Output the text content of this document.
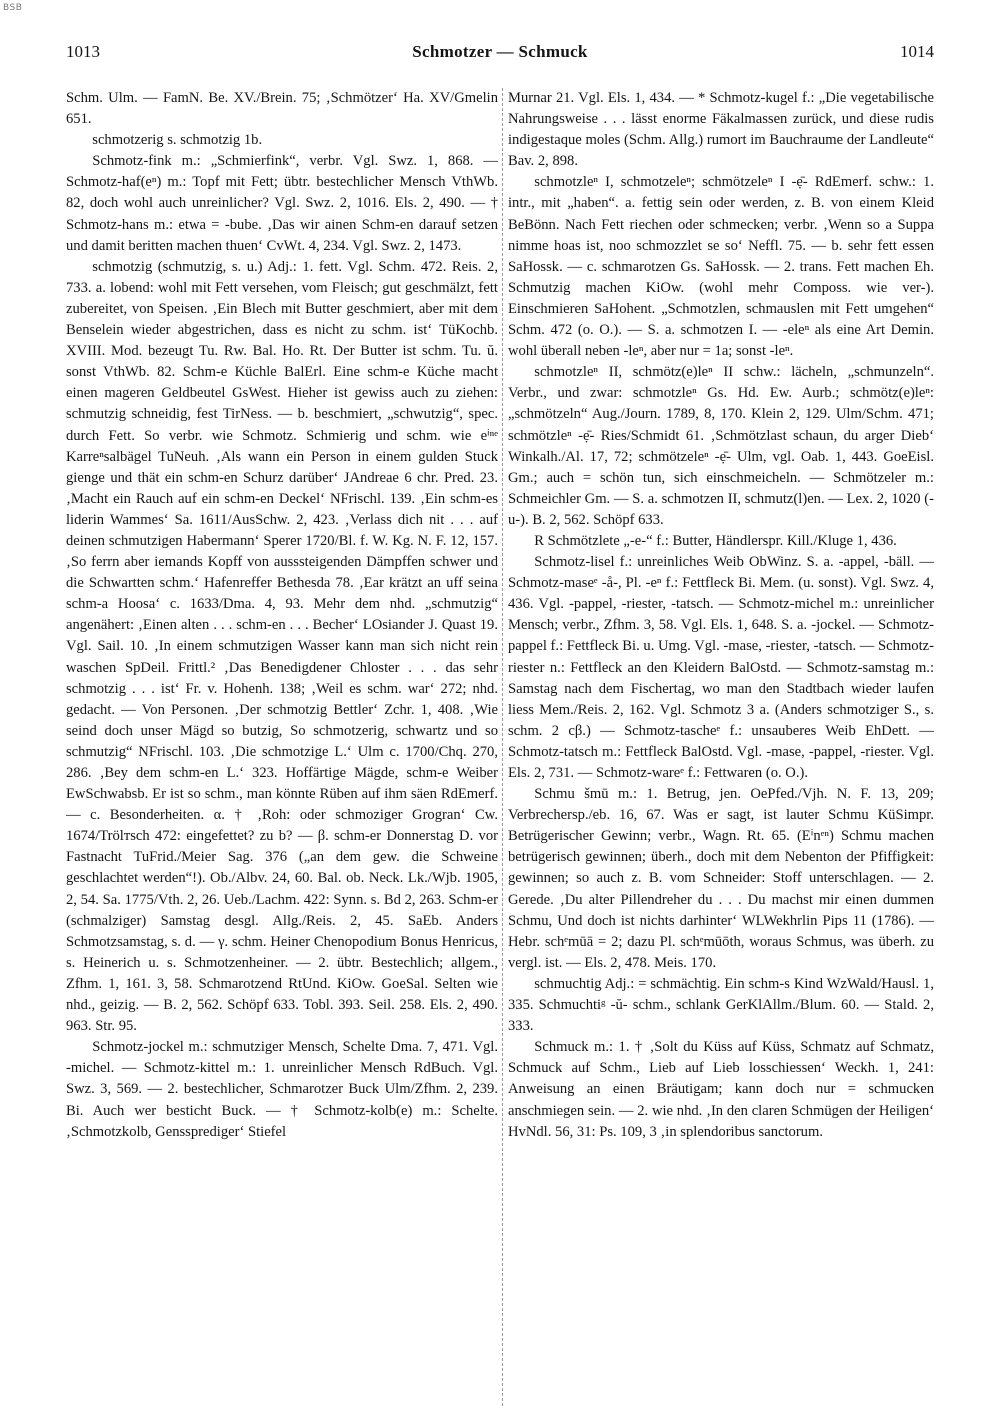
BSB
1013	Schmotzer — Schmuck	1014

Schm. Ulm. — FamN. Be. XV./Brein. 75; ‚Schmötzer‘ Ha. XV/Gmelin 651.

schmotzerig s. schmotzig 1b.

Schmotz-fink m.: „Schmierfink“, verbr. Vgl. Swz. 1, 868. — Schmotz-haf(eⁿ) m.: Topf mit Fett; übtr. bestechlicher Mensch VthWb. 82, doch wohl auch unreinlicher? Vgl. Swz. 2, 1016. Els. 2, 490. — † Schmotz-hans m.: etwa = -bube. ‚Das wir ainen Schm-en darauf setzen und damit beritten machen thuen‘ CvWt. 4, 234. Vgl. Swz. 2, 1473.

schmotzig (schmutzig, s. u.) Adj.: 1. fett. Vgl. Schm. 472. Reis. 2, 733. a. lobend: wohl mit Fett versehen, vom Fleisch; gut geschmälzt, fett zubereitet, von Speisen. ‚Ein Blech mit Butter geschmiert, aber mit dem Benselein wieder abgestrichen, dass es nicht zu schm. ist‘ TüKochb. XVIII. Mod. bezeugt Tu. Rw. Bal. Ho. Rt. Der Butter ist schm. Tu. ŭ. sonst VthWb. 82. Schm-e Küchle BalErl. Eine schm-e Küche macht einen mageren Geldbeutel GsWest. Hieher ist gewiss auch zu ziehen: schmutzig schneidig, fest TirNess. — b. beschmiert, „schwutzig“, spec. durch Fett. So verbr. wie Schmotz. Schmierig und schm. wie eⁱⁿᵉ Karreⁿsalbägel TuNeuh. ‚Als wann ein Person in einem gulden Stuck giengе und thät ein schm-en Schurz darüber‘ JAndreae 6 chr. Pred. 23. ‚Macht ein Rauch auf ein schm-en Deckel‘ NFrischl. 139. ‚Ein schm-es liderin Wammes‘ Sa. 1611/AusSchw. 2, 423. ‚Verlass dich nit . . . auf deinen schmutzigen Habermann‘ Sperer 1720/Bl. f. W. Kg. N. F. 12, 157. ‚So ferrn aber iemands Kopff von ausssteigenden Dämpffen schwer und die Schwartten schm.‘ Hafenreffer Bethesda 78. ‚Ear krätzt an uff seina schm-a Hoosa‘ c. 1633/Dma. 4, 93. Mehr dem nhd. „schmutzig“ angenähert: ‚Einen alten . . . schm-en . . . Becher‘ LOsiander J. Quast 19. Vgl. Sail. 10. ‚In einem schmutzigen Wasser kann man sich nicht rein waschen SpDeil. Frittl.² ‚Das Benedigdener Chloster . . . das sehr schmotzig . . . ist‘ Fr. v. Hohenh. 138; ‚Weil es schm. war‘ 272; nhd. gedacht. — Von Personen. ‚Der schmotzig Bettler‘ Zchr. 1, 408. ‚Wie seind doch unser Mägd so butzig, So schmotzerig, schwartz und so schmutzig“ NFrischl. 103. ‚Die schmotzige L.‘ Ulm c. 1700/Chq. 270, 286. ‚Bey dem schm-en L.‘ 323. Hoffärtige Mägde, schm-e Weiber EwSchwabsb. Er ist so schm., man könnte Rüben auf ihm säen RdEmerf. — c. Besonderheiten. α. † ‚Roh: oder schmoziger Grogran‘ Cw. 1674/Trölтsch 472: eingefettet? zu b? — β. schm-er Donnerstag D. vor Fastnacht TuFrid./Meier Sag. 376 („an dem gew. die Schweine geschlachtet werden“!). Ob./Albv. 24, 60. Bal. ob. Neck. Lk./Wjb. 1905, 2, 54. Sa. 1775/Vth. 2, 26. Ueb./Lachm. 422: Synn. s. Bd 2, 263. Schm-er (schmalziger) Samstag desgl. Allg./Reis. 2, 45. SaEb. Anders Schmotzsamstag, s. d. — γ. schm. Heiner Chenopodium Bonus Henricus, s. Heinerich u. s. Schmotzenheiner. — 2. übtr. Bestechlich; allgem., Zfhm. 1, 161. 3, 58. Schmarotzend RtUnd. KiOw. GoeSal. Selten wie nhd., geizig. — B. 2, 562. Schöpf 633. Tobl. 393. Seil. 258. Els. 2, 490. 963. Str. 95.

Schmotz-jockel m.: schmutziger Mensch, Schelte Dma. 7, 471. Vgl. -michel. — Schmotz-kittel m.: 1. unreinlicher Mensch RdBuch. Vgl. Swz. 3, 569. — 2. bestechlicher, Schmarotzer Buck Ulm/Zfhm. 2, 239. Bi. Auch wer bеsticht Buck. — † Schmotz-kolb(e) m.: Schelte. ‚Schmotzkolb, Genssprediger‘ Stiefel

Murnar 21. Vgl. Els. 1, 434. — * Schmotz-kugel f.: „Die vegetabilische Nahrungsweise . . . lässt enorme Fäkalmassen zurück, und diese rudis indigestaque moles (Schm. Allg.) rumort im Bauchraume der Landleute“ Bav. 2, 898.

schmotzleⁿ I, schmotzeleⁿ; schmötzeleⁿ I -ẹ̄- RdEmerf. schw.: 1. intr., mit „haben“. a. fettig sein oder werden, z. B. von einem Kleid BeBönn. Nach Fett riechen oder schmecken; verbr. ‚Wenn so a Suppa nimme hoas ist, noo schmozzlet se so‘ Neffl. 75. — b. sehr fett essen SaHossk. — c. schmarotzen Gs. SaHossk. — 2. trans. Fett machen Eh. Schmutzig machen KiOw. (wohl mehr Composs. wie ver-). Einschmieren SaHohent. „Schmotzlen, schmauslen mit Fett umgehen“ Schm. 472 (o. O.). — S. a. schmotzen I. — -eleⁿ als eine Art Demin. wohl überall neben -leⁿ, aber nur = 1a; sonst -leⁿ.

schmotzleⁿ II, schmötz(e)leⁿ II schw.: lächeln, „schmunzeln“. Verbr., und zwar: schmotzleⁿ Gs. Hd. Ew. Aurb.; schmötz(e)leⁿ: „schmötzeln“ Aug./Journ. 1789, 8, 170. Klein 2, 129. Ulm/Schm. 471; schmötzleⁿ -ẹ̄- Ries/Schmidt 61. ‚Schmötzlast schaun, du arger Dieb‘ Winkalh./Al. 17, 72; schmötzeleⁿ -ẹ̄- Ulm, vgl. Oab. 1, 443. GoeEisl. Gm.; auch = schön tun, sich einschmeicheln. — Schmötzeler m.: Schmeichler Gm. — S. a. schmotzen II, schmutz(l)en. — Lex. 2, 1020 (-u-). B. 2, 562. Schöpf 633.

R Schmötzlete „-e-“ f.: Butter, Händlerspr. Kill./Kluge 1, 436.

Schmotz-lisel f.: unreinliches Weib ObWinz. S. a. -appel, -bäll. — Schmotz-maseᵉ -å-, Pl. -eⁿ f.: Fettfleck Bi. Mem. (u. sonst). Vgl. Swz. 4, 436. Vgl. -pappel, -riester, -tatsch. — Schmotz-michel m.: unreinlicher Mensch; verbr., Zfhm. 3, 58. Vgl. Els. 1, 648. S. a. -jockel. — Schmotz-pappel f.: Fettfleck Bi. u. Umg. Vgl. -mase, -riester, -tatsch. — Schmotz-riester n.: Fettfleck an den Kleidern BalOstd. — Schmotz-samstag m.: Samstag nach dem Fischertag, wo man den Stadtbach wieder laufen liess Mem./Reis. 2, 162. Vgl. Schmotz 3 a. (Anders schmotziger S., s. schm. 2 cβ.) — Schmotz-tascheᵉ f.: unsauberes Weib EhDett. — Schmotz-tatsch m.: Fettfleck BalOstd. Vgl. -mase, -pappel, -riester. Vgl. Els. 2, 731. — Schmotz-wareᵉ f.: Fettwaren (o. O.).

Schmu šmū m.: 1. Betrug, jen. OePfed./Vjh. N. F. 13, 209; Verbrechersp./eb. 16, 67. Was er sagt, ist lauter Schmu KüSimpr. Betrügerischer Gewinn; verbr., Wagn. Rt. 65. (Eⁱnᵉⁿ) Schmu machen betrügerisch gewinnen; überh., doch mit dem Nebenton der Pfiffigkeit: gewinnen; so auch z. B. vom Schneider: Stoff unterschlagen. — 2. Gerede. ‚Du alter Pillendreher du . . . Du machst mir einen dummen Schmu, Und doch ist nichts darhinter‘ WLWekhrlin Pips 11 (1786). — Hebr. schᵉmūā = 2; dazu Pl. schᵉmūōth, woraus Schmus, was überh. zu vergl. ist. — Els. 2, 478. Meis. 170.

schmuchtig Adj.: = schmächtig. Ein schm-s Kind WzWald/Hausl. 1, 335. Schmuchtiᵍ -ŭ- schm., schlank GerKlAllm./Blum. 60. — Stald. 2, 333.

Schmuck m.: 1. † ‚Solt du Küss auf Küss, Schmatz auf Schmatz, Schmuck auf Schm., Lieb auf Lieb losschiessen‘ Weckh. 1, 241: Anweisung an einen Bräutigam; kann doch nur = schmucken anschmiegen sein. — 2. wie nhd. ‚In den claren Schmügen der Heiligen‘ HvNdl. 56, 31: Ps. 109, 3 ‚in splendoribus sanctorum.
